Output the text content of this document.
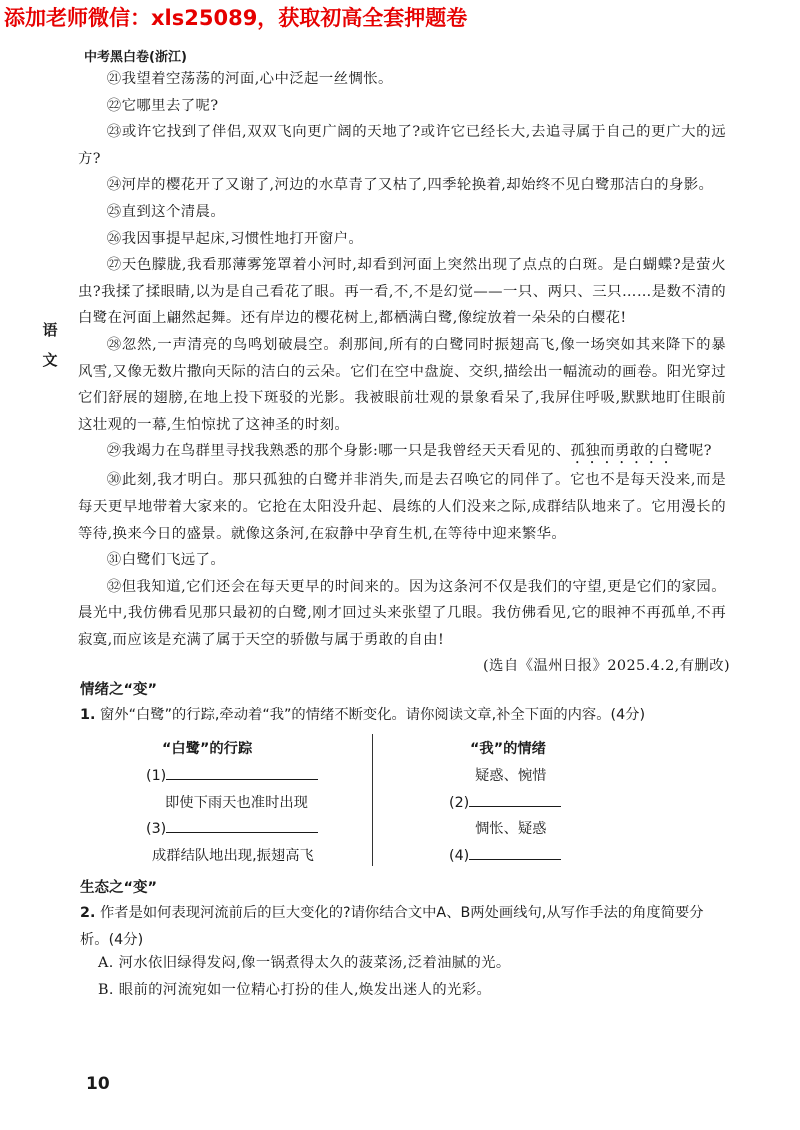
添加老师微信：xls25089，获取初高全套押题卷
中考黑白卷(浙江)
语
文

㉑我望着空荡荡的河面,心中泛起一丝惆怅。

㉒它哪里去了呢?

㉓或许它找到了伴侣,双双飞向更广阔的天地了?或许它已经长大,去追寻属于自己的更广大的远方?

㉔河岸的樱花开了又谢了,河边的水草青了又枯了,四季轮换着,却始终不见白鹭那洁白的身影。

㉕直到这个清晨。

㉖我因事提早起床,习惯性地打开窗户。

㉗天色朦胧,我看那薄雾笼罩着小河时,却看到河面上突然出现了点点的白斑。是白蝴蝶?是萤火虫?我揉了揉眼睛,以为是自己看花了眼。再一看,不,不是幻觉——一只、两只、三只……是数不清的白鹭在河面上翩然起舞。还有岸边的樱花树上,都栖满白鹭,像绽放着一朵朵的白樱花!

㉘忽然,一声清亮的鸟鸣划破晨空。刹那间,所有的白鹭同时振翅高飞,像一场突如其来降下的暴风雪,又像无数片撒向天际的洁白的云朵。它们在空中盘旋、交织,描绘出一幅流动的画卷。阳光穿过它们舒展的翅膀,在地上投下斑驳的光影。我被眼前壮观的景象看呆了,我屏住呼吸,默默地盯住眼前这壮观的一幕,生怕惊扰了这神圣的时刻。

㉙我竭力在鸟群里寻找我熟悉的那个身影:哪一只是我曾经天天看见的、孤独而勇敢的白鹭呢?

㉚此刻,我才明白。那只孤独的白鹭并非消失,而是去召唤它的同伴了。它也不是每天没来,而是每天更早地带着大家来的。它抢在太阳没升起、晨练的人们没来之际,成群结队地来了。它用漫长的等待,换来今日的盛景。就像这条河,在寂静中孕育生机,在等待中迎来繁华。

㉛白鹭们飞远了。

㉜但我知道,它们还会在每天更早的时间来的。因为这条河不仅是我们的守望,更是它们的家园。晨光中,我仿佛看见那只最初的白鹭,刚才回过头来张望了几眼。我仿佛看见,它的眼神不再孤单,不再寂寞,而应该是充满了属于天空的骄傲与属于勇敢的自由!

(选自《温州日报》2025.4.2,有删改)
情绪之“变”
1. 窗外“白鹭”的行踪,牵动着“我”的情绪不断变化。请你阅读文章,补全下面的内容。(4分)
“白鹭”的行踪	“我”的情绪
(1)
即使下雨天也准时出现
(3)
成群结队地出现,振翅高飞
疑惑、惋惜
(2)
惆怅、疑惑
(4)
生态之“变”
2. 作者是如何表现河流前后的巨大变化的?请你结合文中A、B两处画线句,从写作手法的角度简要分析。(4分)
A. 河水依旧绿得发闷,像一锅煮得太久的菠菜汤,泛着油腻的光。
B. 眼前的河流宛如一位精心打扮的佳人,焕发出迷人的光彩。
10
